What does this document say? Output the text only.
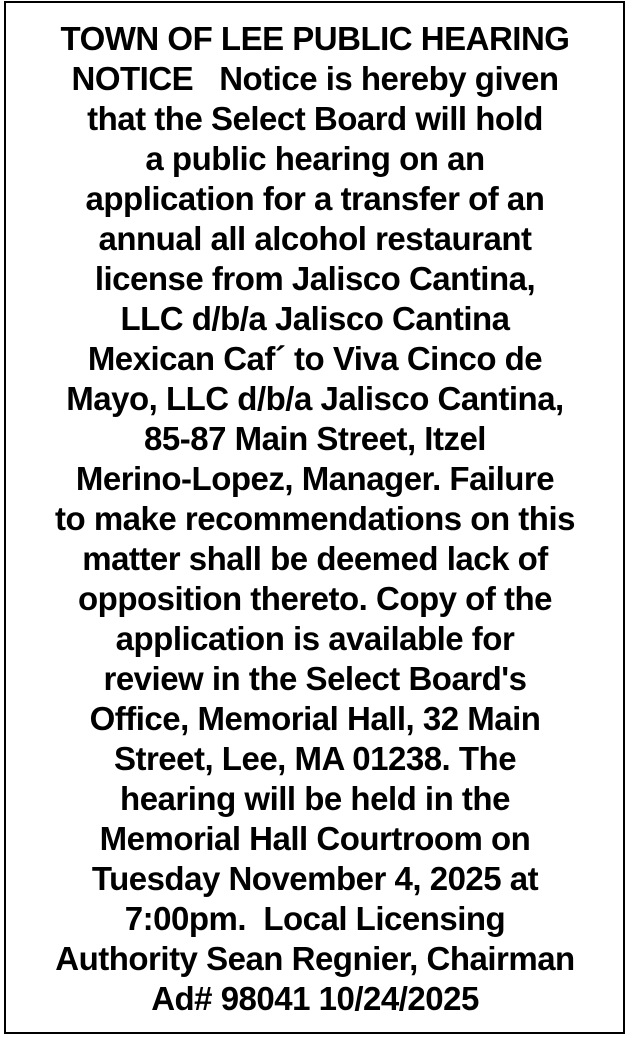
TOWN OF LEE PUBLIC HEARING
NOTICE   Notice is hereby given
that the Select Board will hold
a public hearing on an
application for a transfer of an
annual all alcohol restaurant
license from Jalisco Cantina,
LLC d/b/a Jalisco Cantina
Mexican Caf´ to Viva Cinco de
Mayo, LLC d/b/a Jalisco Cantina,
85-87 Main Street, Itzel
Merino-Lopez, Manager. Failure
to make recommendations on this
matter shall be deemed lack of
opposition thereto. Copy of the
application is available for
review in the Select Board's
Office, Memorial Hall, 32 Main
Street, Lee, MA 01238. The
hearing will be held in the
Memorial Hall Courtroom on
Tuesday November 4, 2025 at
7:00pm.  Local Licensing
Authority Sean Regnier, Chairman
Ad# 98041 10/24/2025
